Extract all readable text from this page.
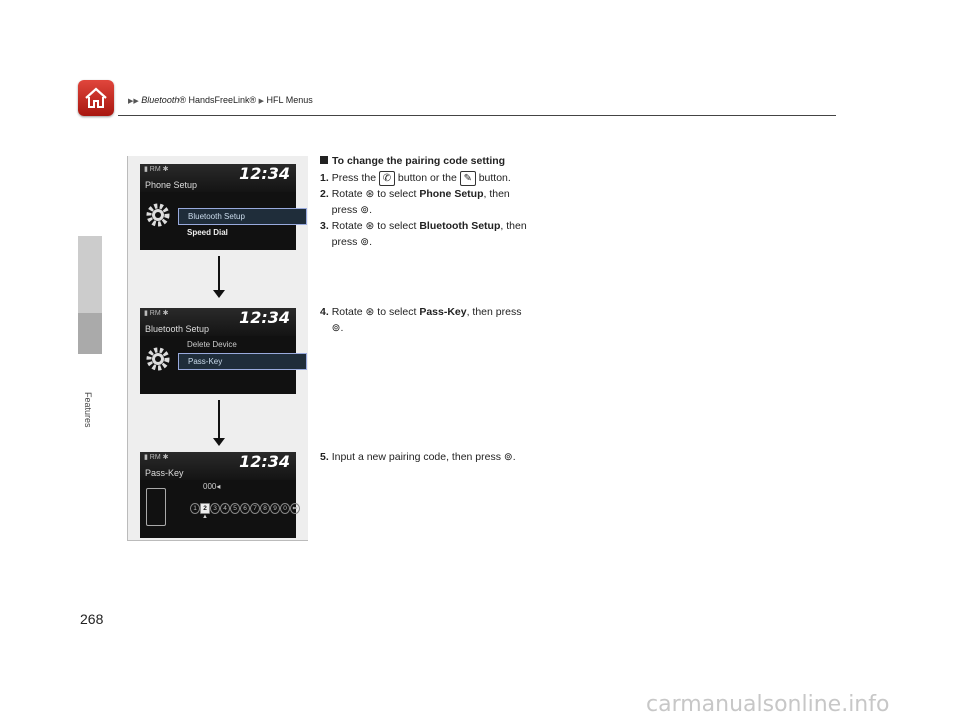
▶▶ Bluetooth® HandsFreeLink® ▶ HFL Menus
Features
▮ RM ✱	12:34
Phone Setup
Bluetooth Setup
Speed Dial
▮ RM ✱	12:34
Bluetooth Setup
Delete Device
Pass-Key
▮ RM ✱	12:34
Pass-Key
000◂
1 2 3 4 5 6 7 8 9 0 ⬅
▲
To change the pairing code setting
1. Press the ✆ button or the ✎ button.
2. Rotate ⊛ to select Phone Setup, then
press ⊚.
3. Rotate ⊛ to select Bluetooth Setup, then
press ⊚.
4. Rotate ⊛ to select Pass-Key, then press
⊚.
5. Input a new pairing code, then press ⊚.
268
carmanualsonline.info
